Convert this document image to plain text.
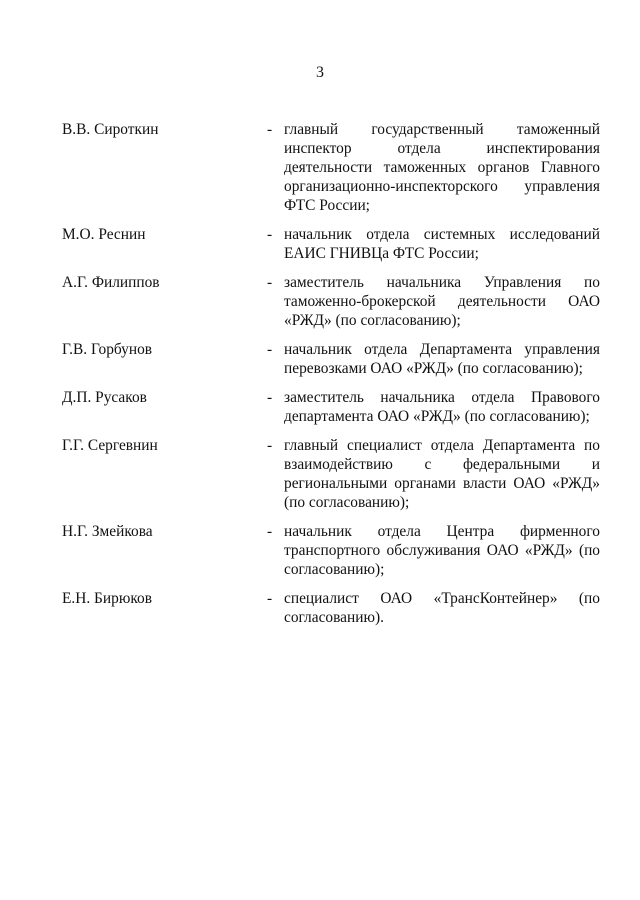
3
В.В. Сироткин	- главный государственный таможенный инспектор отдела инспектирования деятельности таможенных органов Главного организационно-инспекторского управления ФТС России;
М.О. Реснин	- начальник отдела системных исследований ЕАИС ГНИВЦа ФТС России;
А.Г. Филиппов	- заместитель начальника Управления по таможенно-брокерской деятельности ОАО «РЖД» (по согласованию);
Г.В. Горбунов	- начальник отдела Департамента управления перевозками ОАО «РЖД» (по согласованию);
Д.П. Русаков	- заместитель начальника отдела Правового департамента ОАО «РЖД» (по согласованию);
Г.Г. Сергевнин	- главный специалист отдела Департамента по взаимодействию с федеральными и региональными органами власти ОАО «РЖД» (по согласованию);
Н.Г. Змейкова	- начальник отдела Центра фирменного транспортного обслуживания ОАО «РЖД» (по согласованию);
Е.Н. Бирюков	- специалист ОАО «ТрансКонтейнер» (по согласованию).
